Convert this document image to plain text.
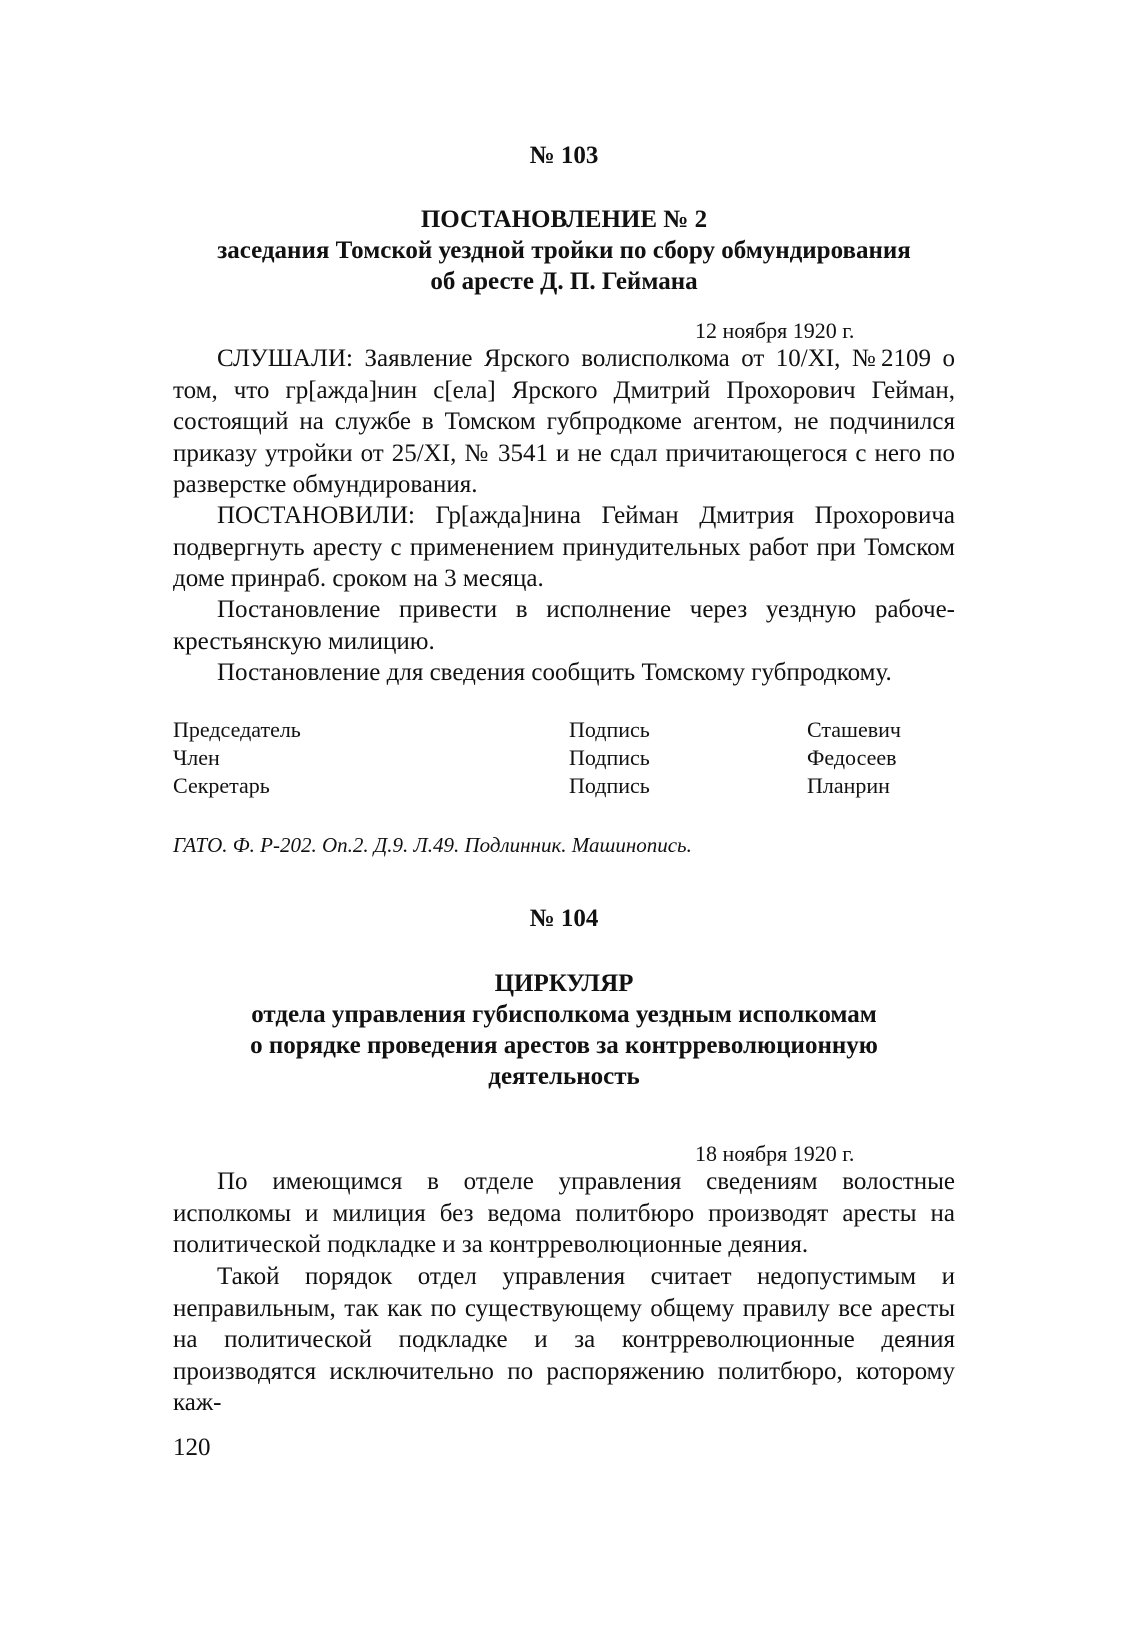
№ 103
ПОСТАНОВЛЕНИЕ № 2
заседания Томской уездной тройки по сбору обмундирования
об аресте Д. П. Геймана
12 ноября 1920 г.

СЛУШАЛИ: Заявление Ярского волисполкома от 10/XI, №2109 о том, что гр[ажда]нин с[ела] Ярского Дмитрий Прохорович Гейман, состоящий на службе в Томском губпродкоме агентом, не подчинился приказу утройки от 25/XI, № 3541 и не сдал причитающегося с него по разверстке обмундирования.

ПОСТАНОВИЛИ: Гр[ажда]нина Гейман Дмитрия Прохоровича подвергнуть аресту с применением принудительных работ при Томском доме принраб. сроком на 3 месяца.

Постановление привести в исполнение через уездную рабоче-крестьянскую милицию.

Постановление для сведения сообщить Томскому губпродкому.

Председатель	Подпись	Сташевич
Член	Подпись	Федосеев
Секретарь	Подпись	Планрин
ГАТО. Ф. Р-202. Оп.2. Д.9. Л.49. Подлинник. Машинопись.
№ 104
ЦИРКУЛЯР
отдела управления губисполкома уездным исполкомам
о порядке проведения арестов за контрреволюционную
деятельность
18 ноября 1920 г.

По имеющимся в отделе управления сведениям волостные исполкомы и милиция без ведома политбюро производят аресты на политической подкладке и за контрреволюционные деяния.

Такой порядок отдел управления считает недопустимым и неправильным, так как по существующему общему правилу все аресты на политической подкладке и за контрреволюционные деяния производятся исключительно по распоряжению политбюро, которому каж-

120
